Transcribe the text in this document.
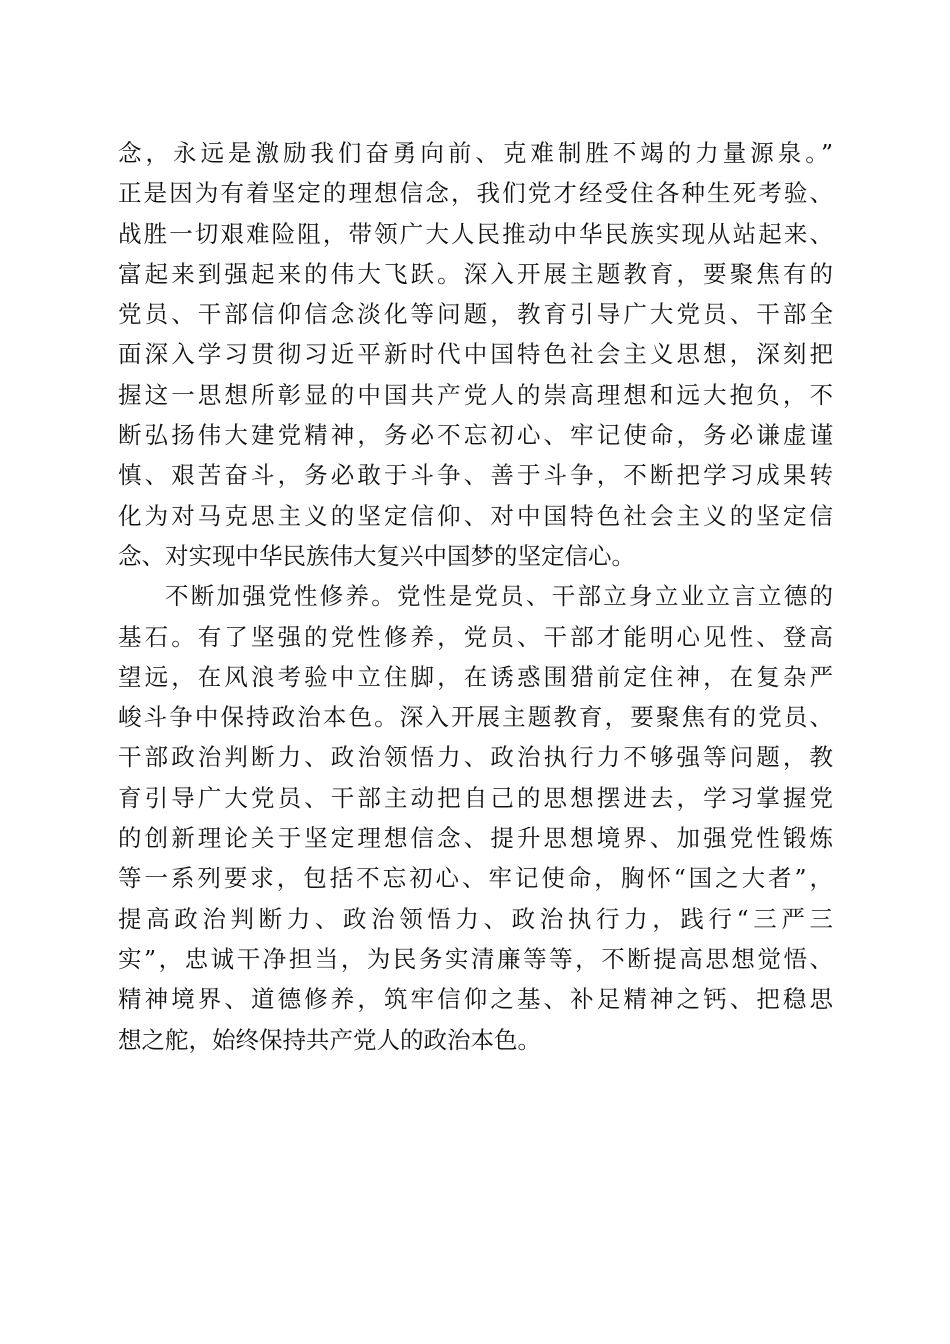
念，永远是激励我们奋勇向前、克难制胜不竭的力量源泉。”
正是因为有着坚定的理想信念，我们党才经受住各种生死考验、
战胜一切艰难险阻，带领广大人民推动中华民族实现从站起来、
富起来到强起来的伟大飞跃。深入开展主题教育，要聚焦有的
党员、干部信仰信念淡化等问题，教育引导广大党员、干部全
面深入学习贯彻习近平新时代中国特色社会主义思想，深刻把
握这一思想所彰显的中国共产党人的崇高理想和远大抱负，不
断弘扬伟大建党精神，务必不忘初心、牢记使命，务必谦虚谨
慎、艰苦奋斗，务必敢于斗争、善于斗争，不断把学习成果转
化为对马克思主义的坚定信仰、对中国特色社会主义的坚定信
念、对实现中华民族伟大复兴中国梦的坚定信心。
不断加强党性修养。党性是党员、干部立身立业立言立德的
基石。有了坚强的党性修养，党员、干部才能明心见性、登高
望远，在风浪考验中立住脚，在诱惑围猎前定住神，在复杂严
峻斗争中保持政治本色。深入开展主题教育，要聚焦有的党员、
干部政治判断力、政治领悟力、政治执行力不够强等问题，教
育引导广大党员、干部主动把自己的思想摆进去，学习掌握党
的创新理论关于坚定理想信念、提升思想境界、加强党性锻炼
等一系列要求，包括不忘初心、牢记使命，胸怀“国之大者”，
提高政治判断力、政治领悟力、政治执行力，践行“三严三
实”，忠诚干净担当，为民务实清廉等等，不断提高思想觉悟、
精神境界、道德修养，筑牢信仰之基、补足精神之钙、把稳思
想之舵，始终保持共产党人的政治本色。
